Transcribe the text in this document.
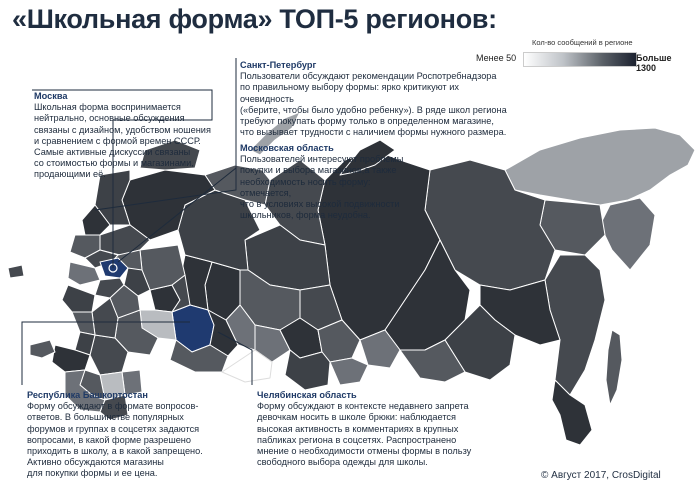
«Школьная форма» ТОП-5 регионов:
Кол-во сообщений в регионе
Менее 50	Больше 1300
Москва
Школьная форма воспринимается
нейтрально, основные обсуждения
связаны с дизайном, удобством ношения
и сравнением с формой времен СССР.
Самые активные дискуссии связаны
со стоимостью формы и магазинами,
продающими её.
Санкт-Петербург
Пользователи обсуждают рекомендации Роспотребнадзора
по правильному выбору формы: ярко критикуют их очевидность
(«берите, чтобы было удобно ребенку»). В ряде школ региона
требуют покупать форму только в определенном магазине,
что вызывает трудности с наличием формы нужного размера.
Московская область
Пользователей интересуют проблемы
покупки и выбора магазинов,а также
необходимость носить форму: отмечается,
что в условиях высокой подвижности
школьников, форма неудобна.
Республика Башкортостан
Форму обсуждают в формате вопросов-
ответов. В большинстве популярных
форумов и группах в соцсетях задаются
вопросами, в какой форме разрешено
приходить в школу, а в какой запрещено.
Активно обсуждаются магазины
для покупки формы и ее цена.
Челябинская область
Форму обсуждают в контексте недавнего запрета
девочкам носить в школе брюки: наблюдается
высокая активность в комментариях в крупных
пабликах региона в соцсетях. Распространено
мнение о необходимости отмены формы в пользу
свободного выбора одежды для школы.
© Август 2017, CrosDigital
